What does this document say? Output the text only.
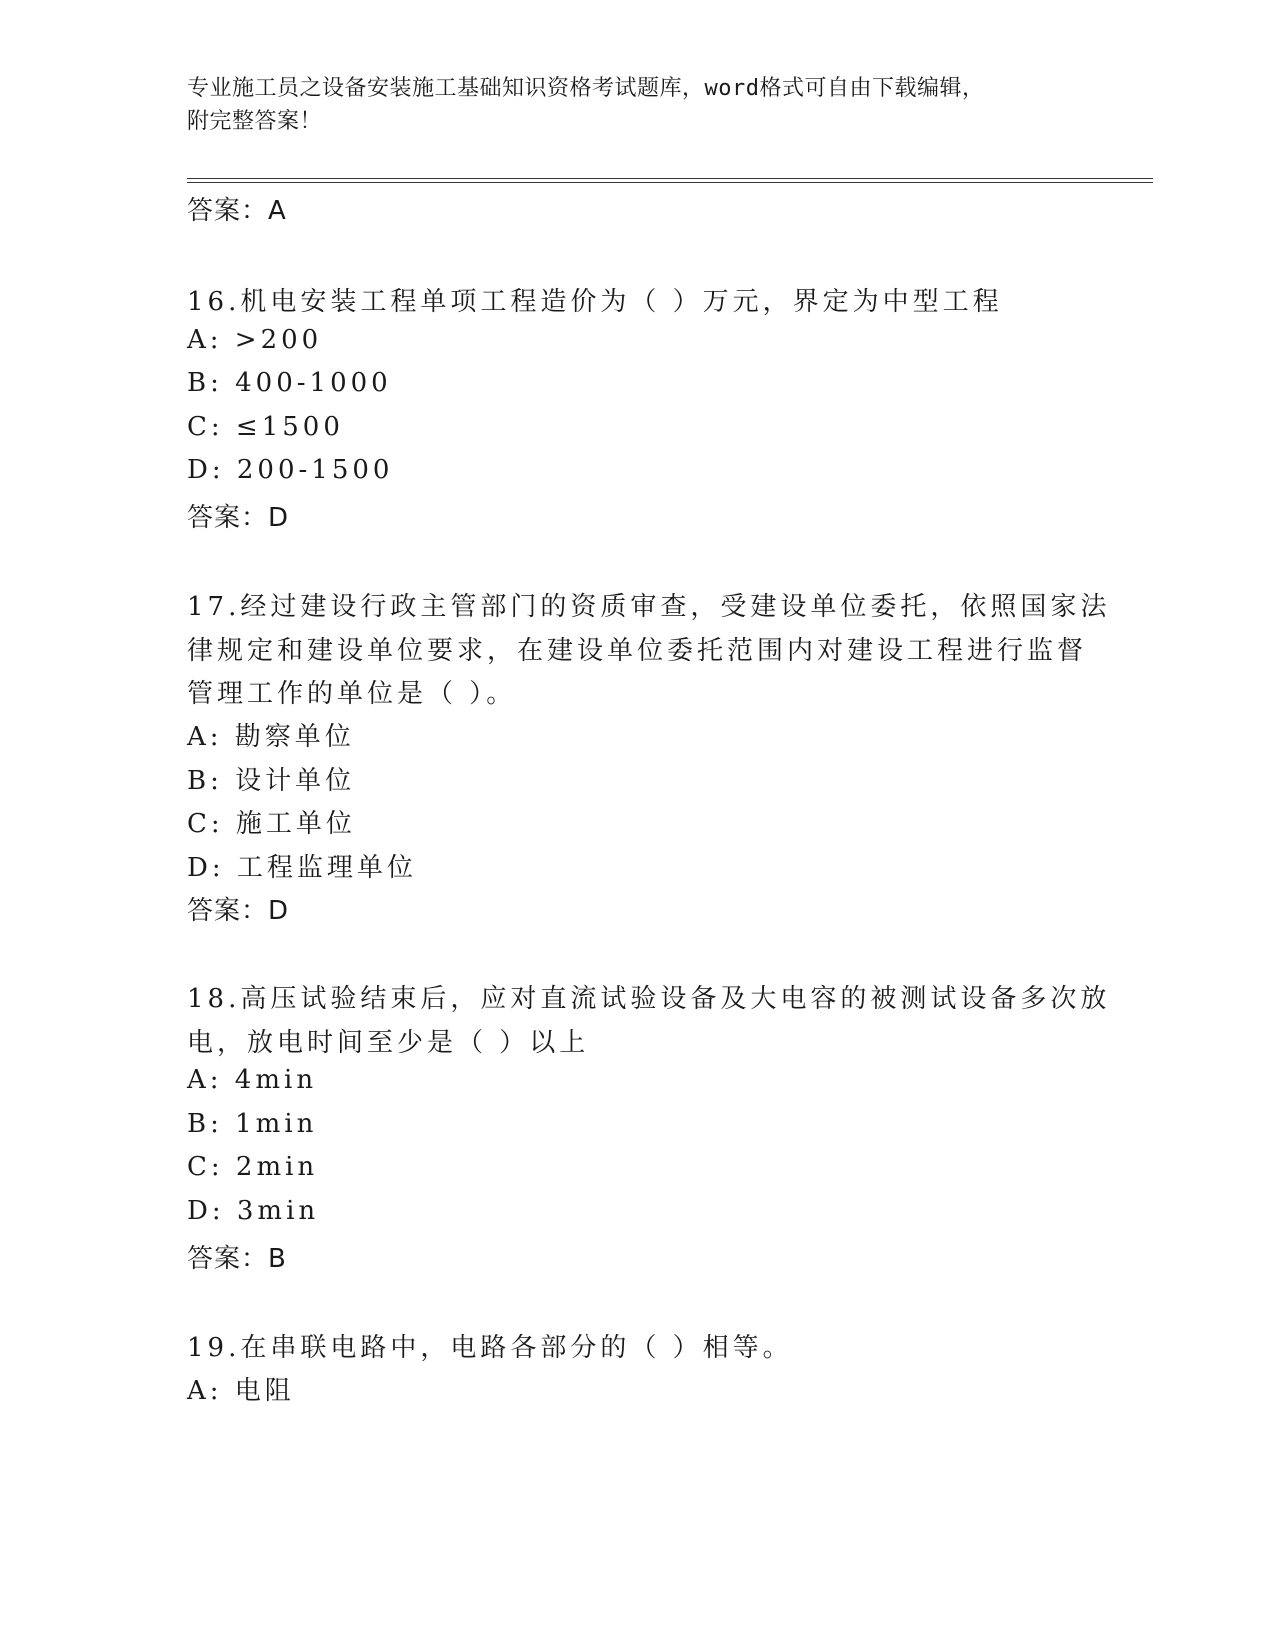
专业施工员之设备安装施工基础知识资格考试题库，word格式可自由下载编辑，
附完整答案！
答案：A
16.机电安装工程单项工程造价为（ ）万元，界定为中型工程
A: >200
B: 400-1000
C: ≤1500
D: 200-1500
答案：D
17.经过建设行政主管部门的资质审查，受建设单位委托，依照国家法
律规定和建设单位要求，在建设单位委托范围内对建设工程进行监督
管理工作的单位是（ ）。
A: 勘察单位
B: 设计单位
C: 施工单位
D: 工程监理单位
答案：D
18.高压试验结束后，应对直流试验设备及大电容的被测试设备多次放
电，放电时间至少是（ ）以上
A: 4min
B: 1min
C: 2min
D: 3min
答案：B
19.在串联电路中，电路各部分的（ ）相等。
A: 电阻
